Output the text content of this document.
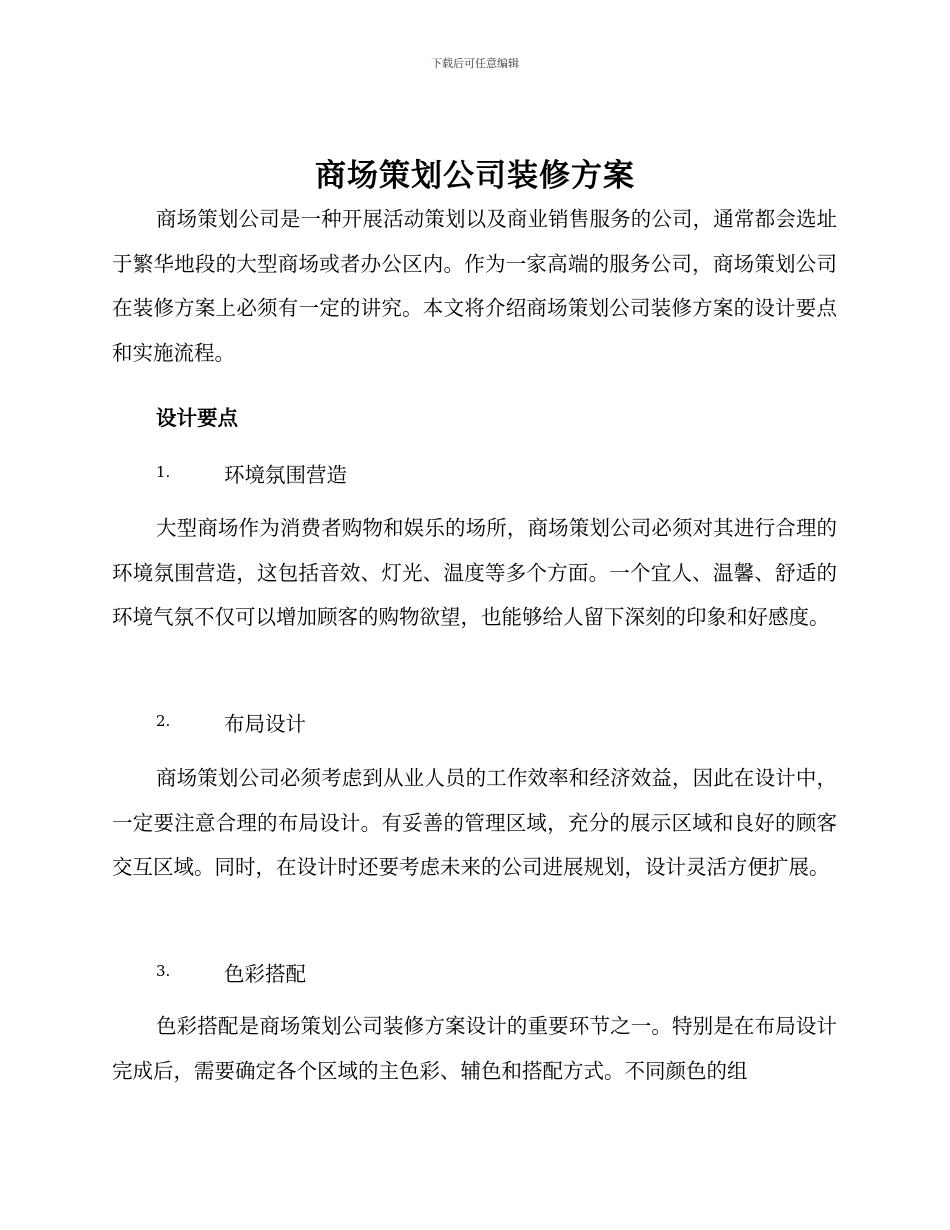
下载后可任意编辑
商场策划公司装修方案

商场策划公司是一种开展活动策划以及商业销售服务的公司，通常都会选址于繁华地段的大型商场或者办公区内。作为一家高端的服务公司，商场策划公司在装修方案上必须有一定的讲究。本文将介绍商场策划公司装修方案的设计要点和实施流程。

设计要点
1.	环境氛围营造

大型商场作为消费者购物和娱乐的场所，商场策划公司必须对其进行合理的环境氛围营造，这包括音效、灯光、温度等多个方面。一个宜人、温馨、舒适的环境气氛不仅可以增加顾客的购物欲望，也能够给人留下深刻的印象和好感度。

2.	布局设计

商场策划公司必须考虑到从业人员的工作效率和经济效益，因此在设计中，一定要注意合理的布局设计。有妥善的管理区域，充分的展示区域和良好的顾客交互区域。同时，在设计时还要考虑未来的公司进展规划，设计灵活方便扩展。

3.	色彩搭配

色彩搭配是商场策划公司装修方案设计的重要环节之一。特别是在布局设计完成后，需要确定各个区域的主色彩、辅色和搭配方式。不同颜色的组
